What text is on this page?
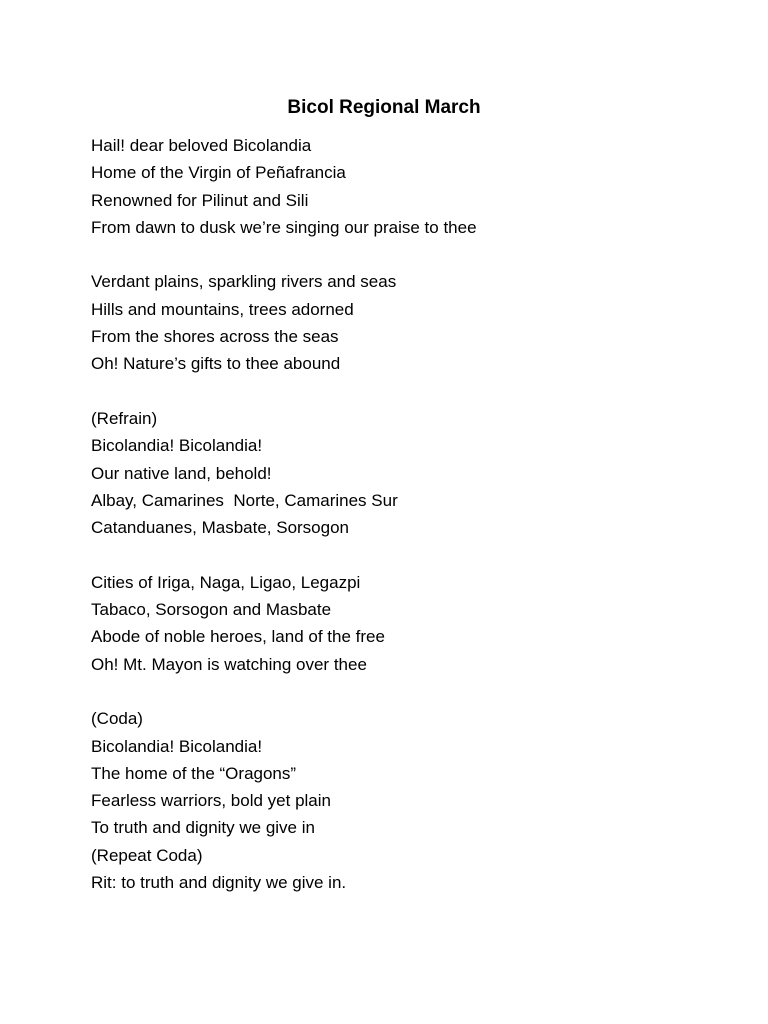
Bicol Regional March
Hail! dear beloved Bicolandia
Home of the Virgin of Peñafrancia
Renowned for Pilinut and Sili
From dawn to dusk we’re singing our praise to thee
Verdant plains, sparkling rivers and seas
Hills and mountains, trees adorned
From the shores across the seas
Oh! Nature’s gifts to thee abound
(Refrain)
Bicolandia! Bicolandia!
Our native land, behold!
Albay, Camarines  Norte, Camarines Sur
Catanduanes, Masbate, Sorsogon
Cities of Iriga, Naga, Ligao, Legazpi
Tabaco, Sorsogon and Masbate
Abode of noble heroes, land of the free
Oh! Mt. Mayon is watching over thee
(Coda)
Bicolandia! Bicolandia!
The home of the “Oragons”
Fearless warriors, bold yet plain
To truth and dignity we give in
(Repeat Coda)
Rit: to truth and dignity we give in.
